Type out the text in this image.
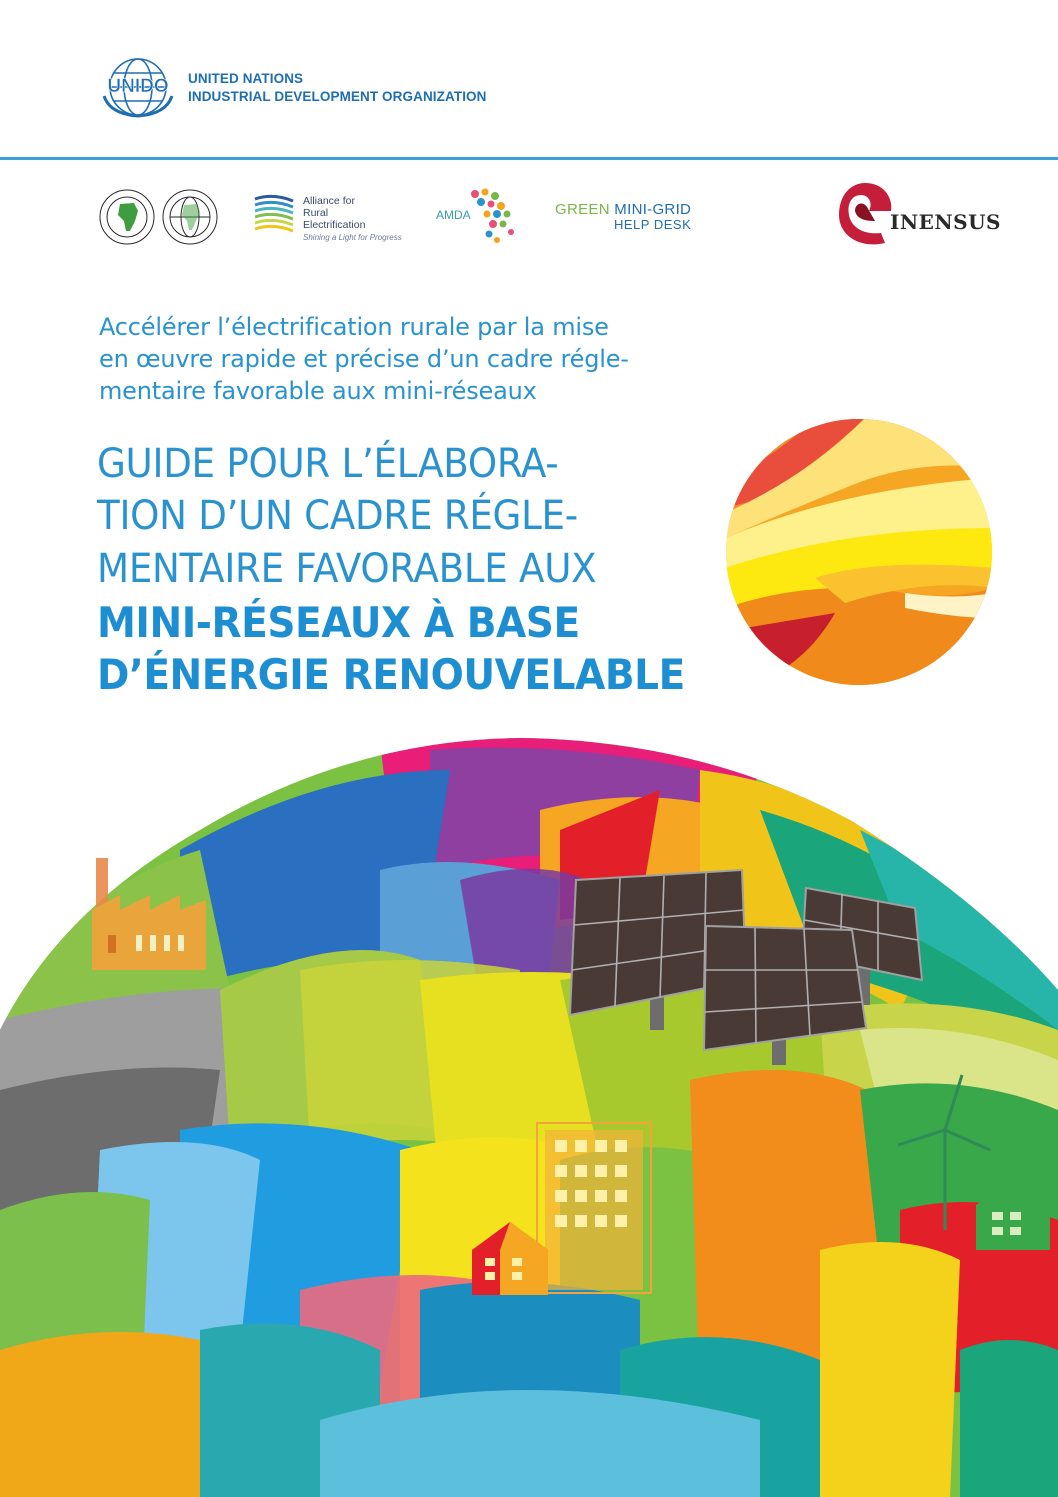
UNIDO UNITED NATIONS
INDUSTRIAL DEVELOPMENT ORGANIZATION
Alliance for
Rural
Electrification
Shining a Light for Progress
AMDA	GREEN MINI-GRID
HELP DESK	INENSUS
Accélérer l’électrification rurale par la mise
en œuvre rapide et précise d’un cadre régle-
mentaire favorable aux mini-réseaux
GUIDE POUR L’ÉLABORA-
TION D’UN CADRE RÉGLE-
MENTAIRE FAVORABLE AUX
MINI-RÉSEAUX À BASE
D’ÉNERGIE RENOUVELABLE
